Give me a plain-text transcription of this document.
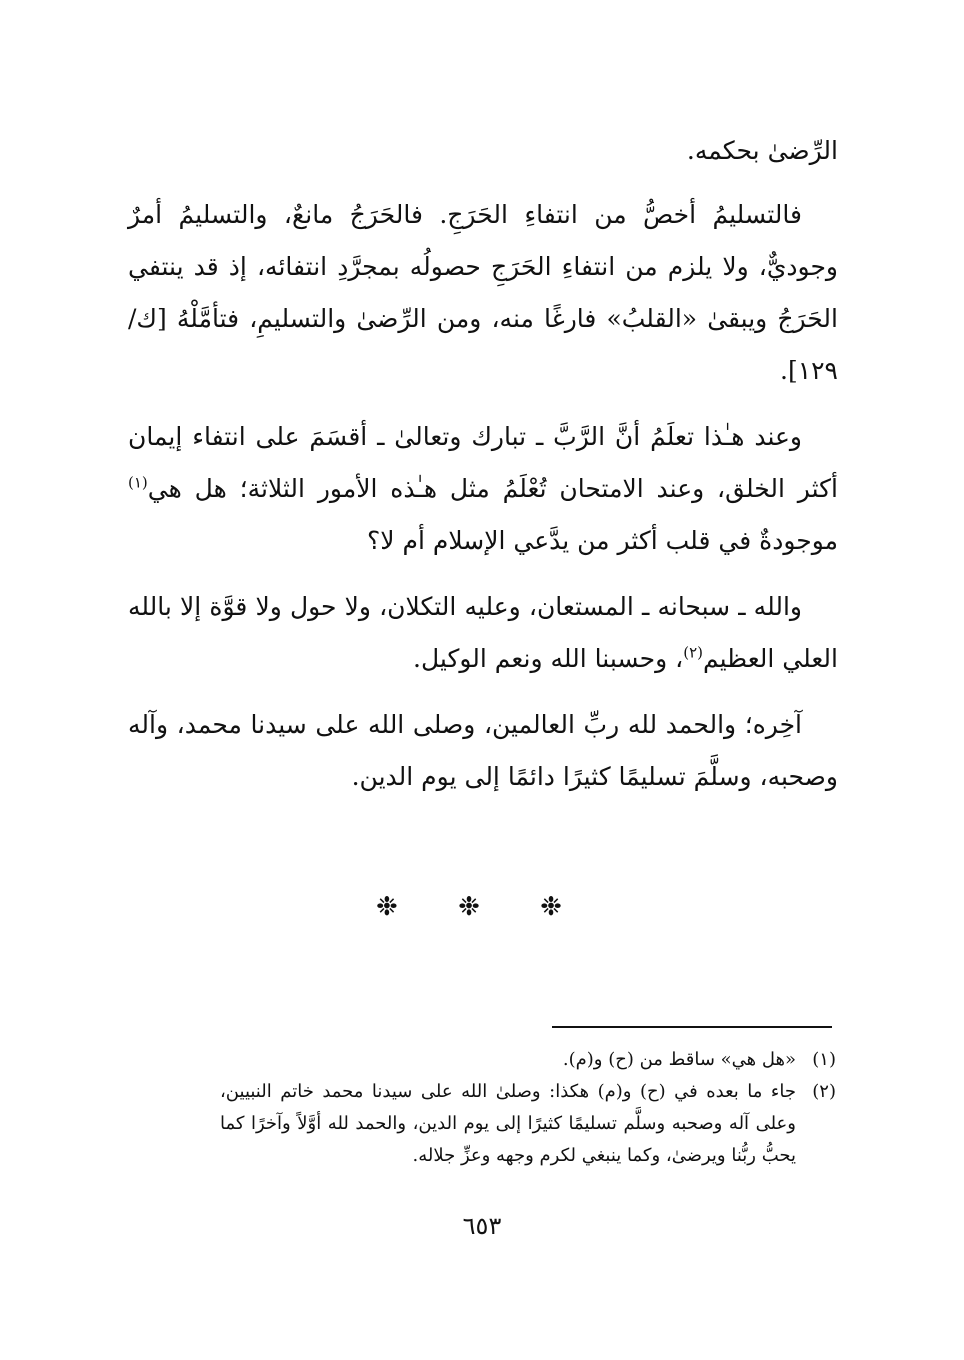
الرِّضىٰ بحكمه.

فالتسليمُ أخصُّ من انتفاءِ الحَرَجِ. فالحَرَجُ مانعٌ، والتسليمُ أمرٌ وجوديٌّ، ولا يلزم من انتفاءِ الحَرَجِ حصولُه بمجرَّدِ انتفائه، إذ قد ينتفي الحَرَجُ ويبقىٰ «القلبُ» فارغًا منه، ومن الرِّضىٰ والتسليمِ، فتأمَّلْهُ [ك/١٢٩].

وعند هـٰذا تعلَمُ أنَّ الرَّبَّ ـ تبارك وتعالىٰ ـ أقسَمَ على انتفاء إيمان أكثر الخلق، وعند الامتحان تُعْلَمُ مثل هـٰذه الأمور الثلاثة؛ هل هي$^{(١)}$ موجودةٌ في قلب أكثر من يدَّعي الإسلام أم لا؟

والله ـ سبحانه ـ المستعان، وعليه التكلان، ولا حول ولا قوَّة إلا بالله العلي العظيم$^{(٢)}$، وحسبنا الله ونعم الوكيل.

آخِره؛ والحمد لله ربِّ العالمين، وصلى الله على سيدنا محمد، وآله وصحبه، وسلَّمَ تسليمًا كثيرًا دائمًا إلى يوم الدين.

❉ ❉ ❉
(١)
«هل هي» ساقط من (ح) و(م).
(٢)
جاء ما بعده في (ح) و(م) هكذا: وصلىٰ الله على سيدنا محمد خاتم النبيين، وعلى آله وصحبه وسلَّم تسليمًا كثيرًا إلى يوم الدين، والحمد لله أوَّلاً وآخرًا كما يحبُّ ربُّنا ويرضىٰ، وكما ينبغي لكرم وجهه وعزِّ جلاله.
٦٥٣
